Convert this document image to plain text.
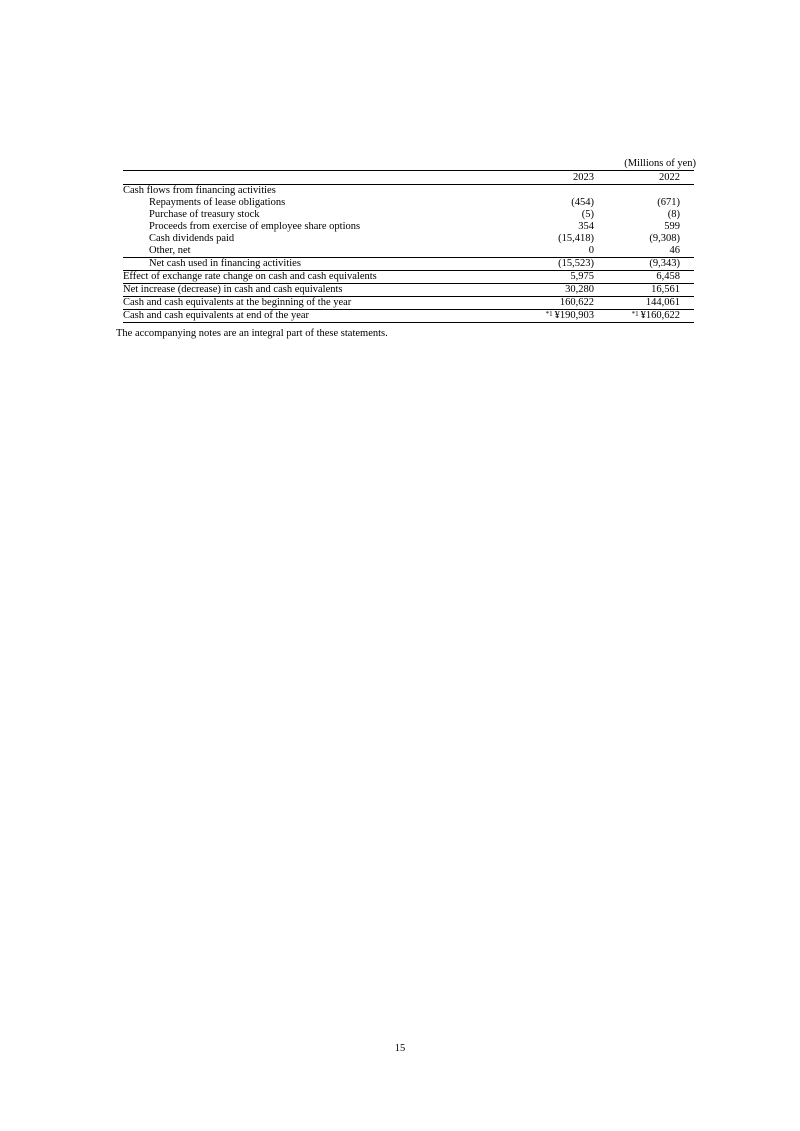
(Millions of yen)
	2023	2022
Cash flows from financing activities		
Repayments of lease obligations	(454)	(671)
Purchase of treasury stock	(5)	(8)
Proceeds from exercise of employee share options	354	599
Cash dividends paid	(15,418)	(9,308)
Other, net	0	46
Net cash used in financing activities	(15,523)	(9,343)
Effect of exchange rate change on cash and cash equivalents	5,975	6,458
Net increase (decrease) in cash and cash equivalents	30,280	16,561
Cash and cash equivalents at the beginning of the year	160,622	144,061
Cash and cash equivalents at end of the year	$^{*1}$ ¥190,903	$^{*1}$ ¥160,622
The accompanying notes are an integral part of these statements.
15
